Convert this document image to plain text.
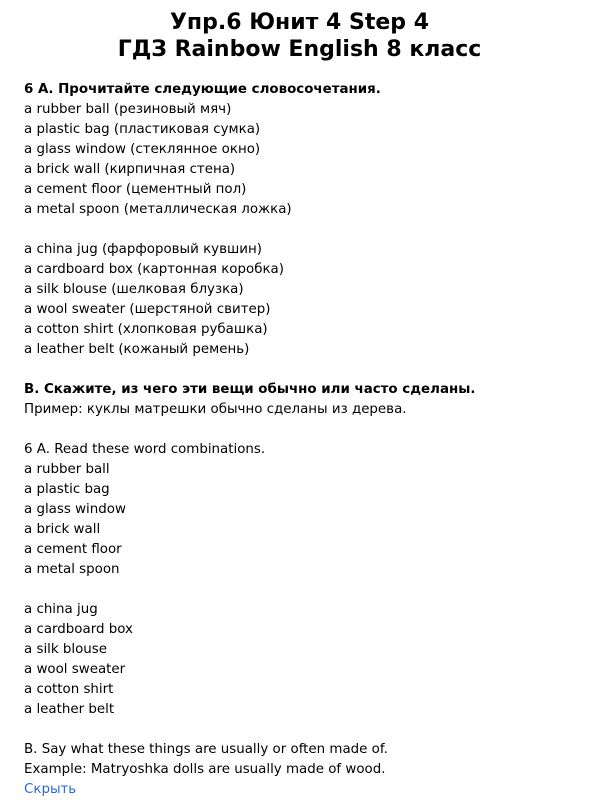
Упр.6 Юнит 4 Step 4
ГДЗ Rainbow English 8 класс
6 А. Прочитайте следующие словосочетания.
a rubber ball (резиновый мяч)
a plastic bag (пластиковая сумка)
a glass window (стеклянное окно)
a brick wall (кирпичная стена)
a cement floor (цементный пол)
a metal spoon (металлическая ложка)
a china jug (фарфоровый кувшин)
a cardboard box (картонная коробка)
a silk blouse (шелковая блузка)
a wool sweater (шерстяной свитер)
a cotton shirt (хлопковая рубашка)
a leather belt (кожаный ремень)
В. Скажите, из чего эти вещи обычно или часто сделаны.
Пример: куклы матрешки обычно сделаны из дерева.
6 A. Read these word combinations.
a rubber ball
a plastic bag
a glass window
a brick wall
a cement floor
a metal spoon
a china jug
a cardboard box
a silk blouse
a wool sweater
a cotton shirt
a leather belt
B. Say what these things are usually or often made of.
Example: Matryoshka dolls are usually made of wood.
Скрыть
